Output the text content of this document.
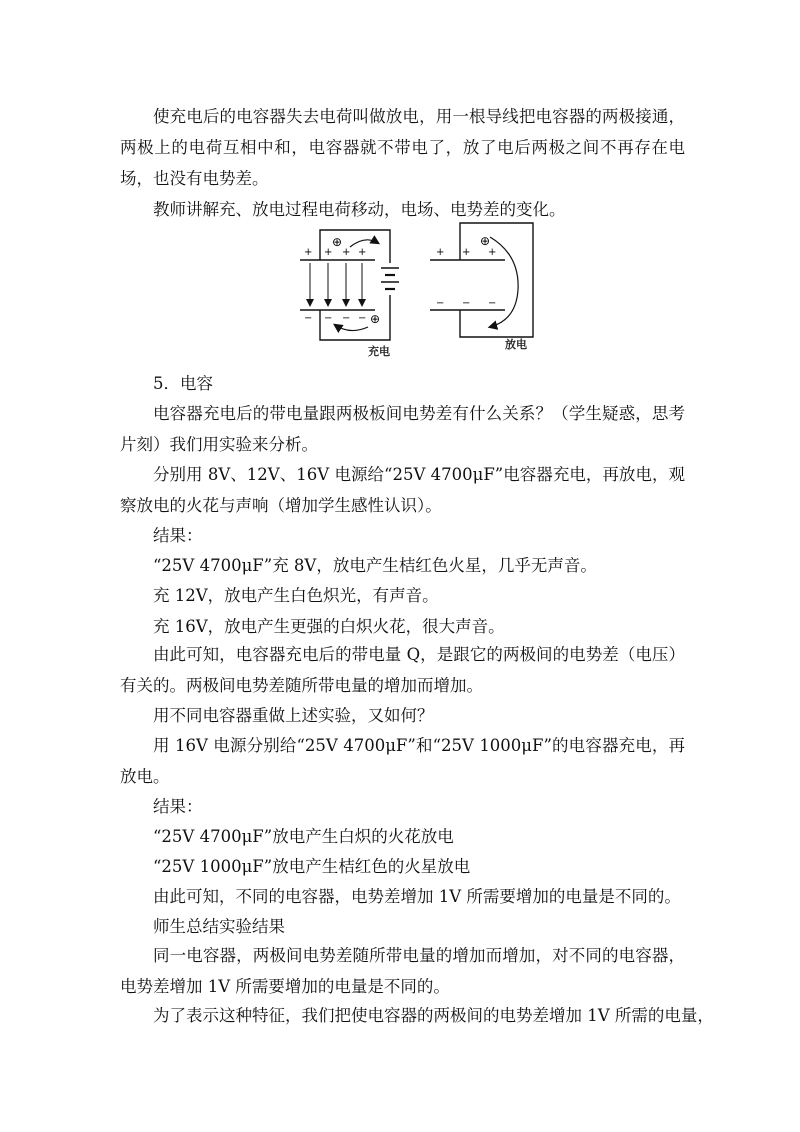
使充电后的电容器失去电荷叫做放电，用一根导线把电容器的两极接通，两极上的电荷互相中和，电容器就不带电了，放了电后两极之间不再存在电场，也没有电势差。

教师讲解充、放电过程电荷移动，电场、电势差的变化。

⊕
⊕
+ + + +
− − − −
⊕
+ + +
− − −
充电
放电

5．电容

电容器充电后的带电量跟两极板间电势差有什么关系？（学生疑惑，思考片刻）我们用实验来分析。

分别用 8V、12V、16V 电源给“25V 4700μF”电容器充电，再放电，观察放电的火花与声响（增加学生感性认识）。

结果：

“25V 4700μF”充 8V，放电产生桔红色火星，几乎无声音。

充 12V，放电产生白色炽光，有声音。

充 16V，放电产生更强的白炽火花，很大声音。

由此可知，电容器充电后的带电量 Q，是跟它的两极间的电势差（电压）有关的。两极间电势差随所带电量的增加而增加。

用不同电容器重做上述实验，又如何？

用 16V 电源分别给“25V 4700μF”和“25V 1000μF”的电容器充电，再放电。

结果：

“25V 4700μF”放电产生白炽的火花放电

“25V 1000μF”放电产生桔红色的火星放电

由此可知，不同的电容器，电势差增加 1V 所需要增加的电量是不同的。

师生总结实验结果

同一电容器，两极间电势差随所带电量的增加而增加，对不同的电容器，电势差增加 1V 所需要增加的电量是不同的。

为了表示这种特征，我们把使电容器的两极间的电势差增加 1V 所需的电量，
